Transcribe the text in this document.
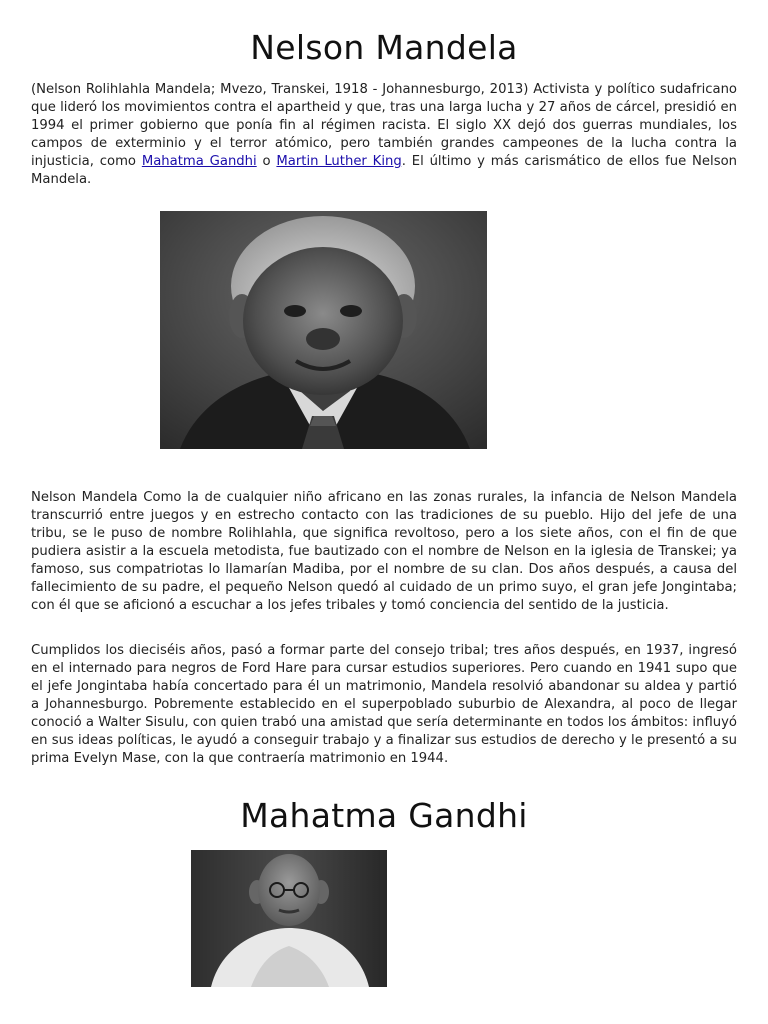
Nelson Mandela

(Nelson Rolihlahla Mandela; Mvezo, Transkei, 1918 - Johannesburgo, 2013) Activista y político sudafricano que lideró los movimientos contra el apartheid y que, tras una larga lucha y 27 años de cárcel, presidió en 1994 el primer gobierno que ponía fin al régimen racista. El siglo XX dejó dos guerras mundiales, los campos de exterminio y el terror atómico, pero también grandes campeones de la lucha contra la injusticia, como Mahatma Gandhi o Martin Luther King. El último y más carismático de ellos fue Nelson Mandela.

Nelson Mandela Como la de cualquier niño africano en las zonas rurales, la infancia de Nelson Mandela transcurrió entre juegos y en estrecho contacto con las tradiciones de su pueblo. Hijo del jefe de una tribu, se le puso de nombre Rolihlahla, que significa revoltoso, pero a los siete años, con el fin de que pudiera asistir a la escuela metodista, fue bautizado con el nombre de Nelson en la iglesia de Transkei; ya famoso, sus compatriotas lo llamarían Madiba, por el nombre de su clan. Dos años después, a causa del fallecimiento de su padre, el pequeño Nelson quedó al cuidado de un primo suyo, el gran jefe Jongintaba; con él que se aficionó a escuchar a los jefes tribales y tomó conciencia del sentido de la justicia.

Cumplidos los dieciséis años, pasó a formar parte del consejo tribal; tres años después, en 1937, ingresó en el internado para negros de Ford Hare para cursar estudios superiores. Pero cuando en 1941 supo que el jefe Jongintaba había concertado para él un matrimonio, Mandela resolvió abandonar su aldea y partió a Johannesburgo. Pobremente establecido en el superpoblado suburbio de Alexandra, al poco de llegar conoció a Walter Sisulu, con quien trabó una amistad que sería determinante en todos los ámbitos: influyó en sus ideas políticas, le ayudó a conseguir trabajo y a finalizar sus estudios de derecho y le presentó a su prima Evelyn Mase, con la que contraería matrimonio en 1944.

Mahatma Gandhi
